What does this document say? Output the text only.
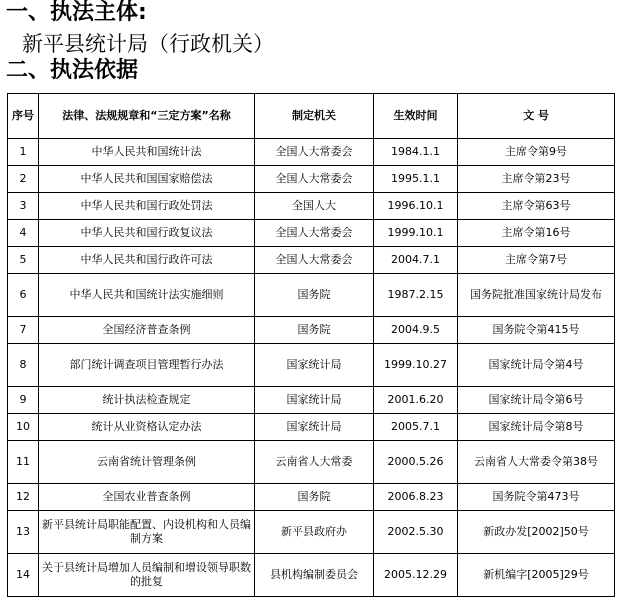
一、执法主体:
新平县统计局（行政机关）
二、执法依据
序号	法律、法规规章和“三定方案”名称	制定机关	生效时间	文 号
1	中华人民共和国统计法	全国人大常委会	1984.1.1	主席令第9号
2	中华人民共和国国家赔偿法	全国人大常委会	1995.1.1	主席令第23号
3	中华人民共和国行政处罚法	全国人大	1996.10.1	主席令第63号
4	中华人民共和国行政复议法	全国人大常委会	1999.10.1	主席令第16号
5	中华人民共和国行政许可法	全国人大常委会	2004.7.1	主席令第7号
6	中华人民共和国统计法实施细则	国务院	1987.2.15	国务院批准国家统计局发布
7	全国经济普查条例	国务院	2004.9.5	国务院令第415号
8	部门统计调查项目管理暂行办法	国家统计局	1999.10.27	国家统计局令第4号
9	统计执法检查规定	国家统计局	2001.6.20	国家统计局令第6号
10	统计从业资格认定办法	国家统计局	2005.7.1	国家统计局令第8号
11	云南省统计管理条例	云南省人大常委	2000.5.26	云南省人大常委令第38号
12	全国农业普查条例	国务院	2006.8.23	国务院令第473号
13	新平县统计局职能配置、内设机构和人员编制方案	新平县政府办	2002.5.30	新政办发[2002]50号
14	关于县统计局增加人员编制和增设领导职数的批复	县机构编制委员会	2005.12.29	新机编字[2005]29号
